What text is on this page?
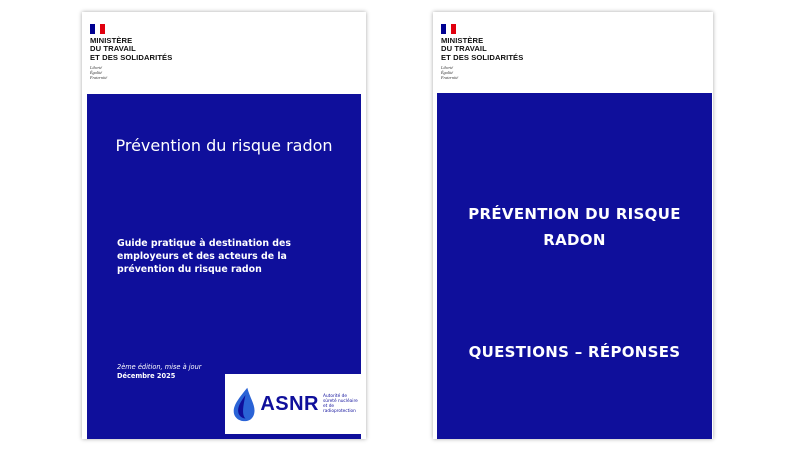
MINISTÈRE
DU TRAVAIL
ET DES SOLIDARITÉS
Liberté
Égalité
Fraternité
Prévention du risque radon
Guide pratique à destination des employeurs et des acteurs de la prévention du risque radon
2ème édition, mise à jour
Décembre 2025
ASNR Autorité de
sûreté nucléaire
et de radioprotection
MINISTÈRE
DU TRAVAIL
ET DES SOLIDARITÉS
Liberté
Égalité
Fraternité
PRÉVENTION DU RISQUE
RADON
QUESTIONS – RÉPONSES
